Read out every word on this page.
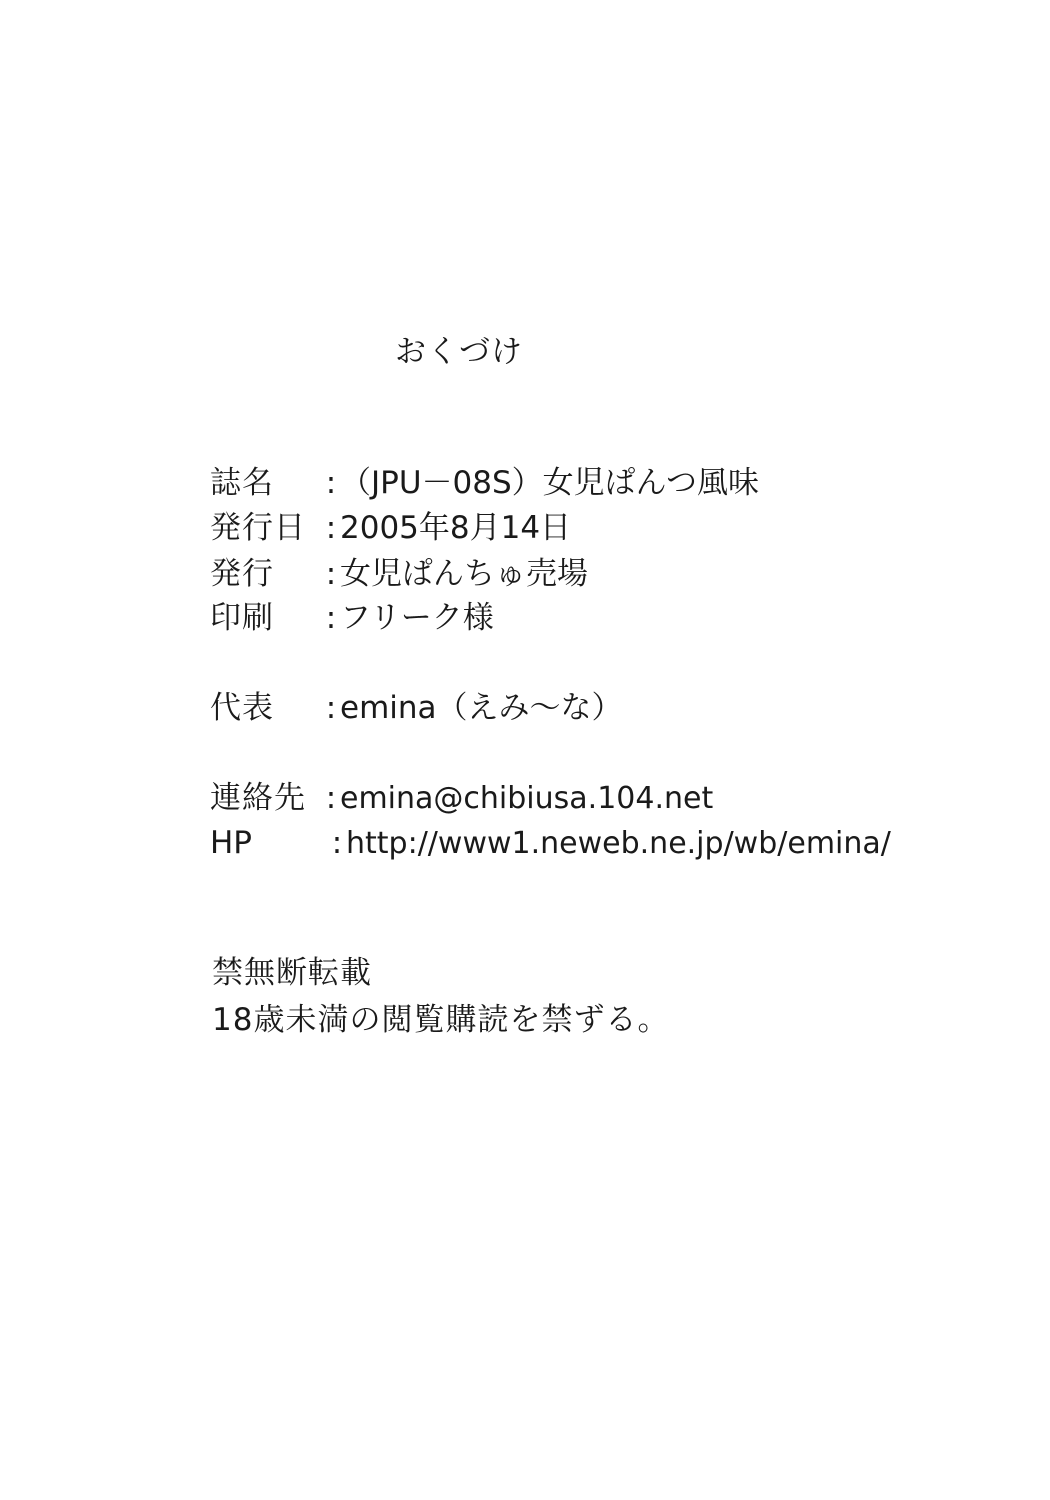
おくづけ
誌名 : （JPU－08S）女児ぱんつ風味
発行日 : 2005年8月14日
発行 : 女児ぱんちゅ売場
印刷 : フリーク様
代表 : emina（えみ～な）
連絡先 : emina@chibiusa.104.net
HP	: http://www1.neweb.ne.jp/wb/emina/
禁無断転載
18歳未満の閲覧購読を禁ずる。
